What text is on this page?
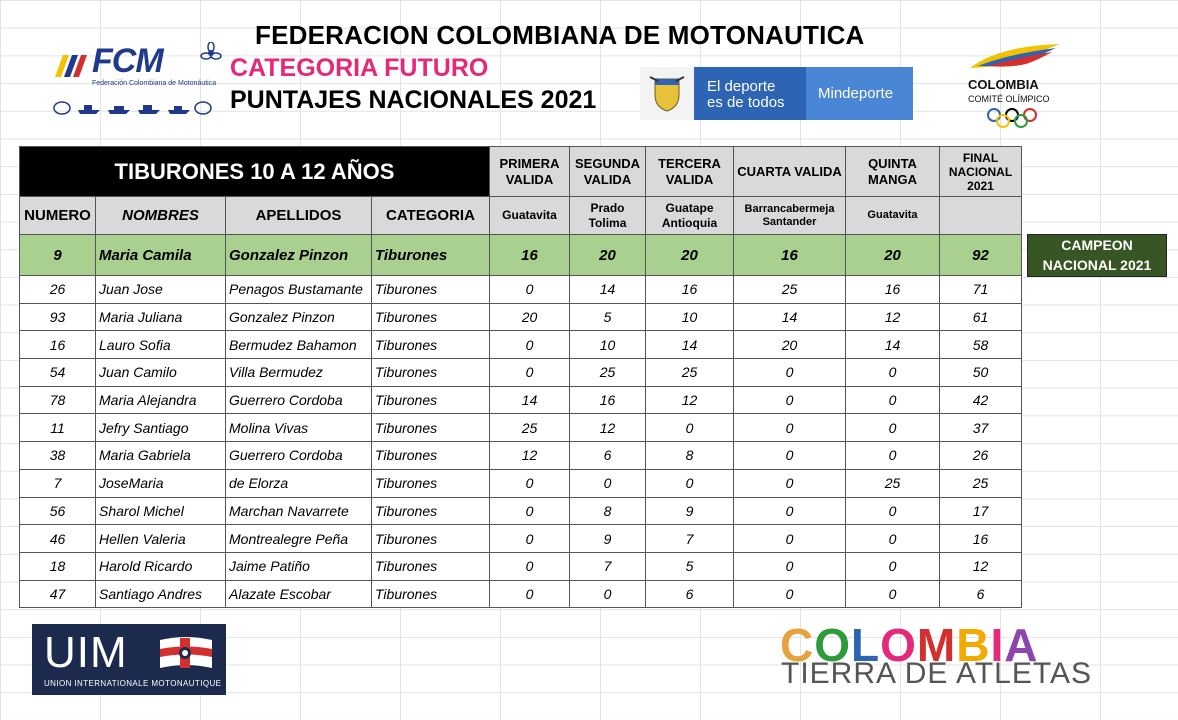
FEDERACION COLOMBIANA DE MOTONAUTICA
CATEGORIA FUTURO
PUNTAJES NACIONALES 2021
FCM
Federación Colombiana de Motonáutica	El deporte
es de todos
Mindeporte
COLOMBIA
COMITÉ OLÍMPICO
TIBURONES 10 A 12 AÑOS				PRIMERA VALIDA	SEGUNDA VALIDA	TERCERA VALIDA	CUARTA VALIDA	QUINTA MANGA	FINAL NACIONAL 2021
NUMERO	NOMBRES	APELLIDOS	CATEGORIA	Guatavita	Prado Tolima	Guatape Antioquia	Barrancabermeja Santander	Guatavita	
9	Maria Camila	Gonzalez Pinzon	Tiburones	16	20	20	16	20	92
26	Juan Jose	Penagos Bustamante	Tiburones	0	14	16	25	16	71
93	Maria Juliana	Gonzalez Pinzon	Tiburones	20	5	10	14	12	61
16	Lauro Sofia	Bermudez Bahamon	Tiburones	0	10	14	20	14	58
54	Juan Camilo	Villa Bermudez	Tiburones	0	25	25	0	0	50
78	Maria Alejandra	Guerrero Cordoba	Tiburones	14	16	12	0	0	42
11	Jefry Santiago	Molina Vivas	Tiburones	25	12	0	0	0	37
38	Maria Gabriela	Guerrero Cordoba	Tiburones	12	6	8	0	0	26
7	JoseMaria	de Elorza	Tiburones	0	0	0	0	25	25
56	Sharol Michel	Marchan Navarrete	Tiburones	0	8	9	0	0	17
46	Hellen Valeria	Montrealegre Peña	Tiburones	0	9	7	0	0	16
18	Harold Ricardo	Jaime Patiño	Tiburones	0	7	5	0	0	12
47	Santiago Andres	Alazate Escobar	Tiburones	0	0	6	0	0	6
CAMPEON NACIONAL 2021
UIM
UNION INTERNATIONALE MOTONAUTIQUE
COLOMBIA
TIERRA DE ATLETAS
